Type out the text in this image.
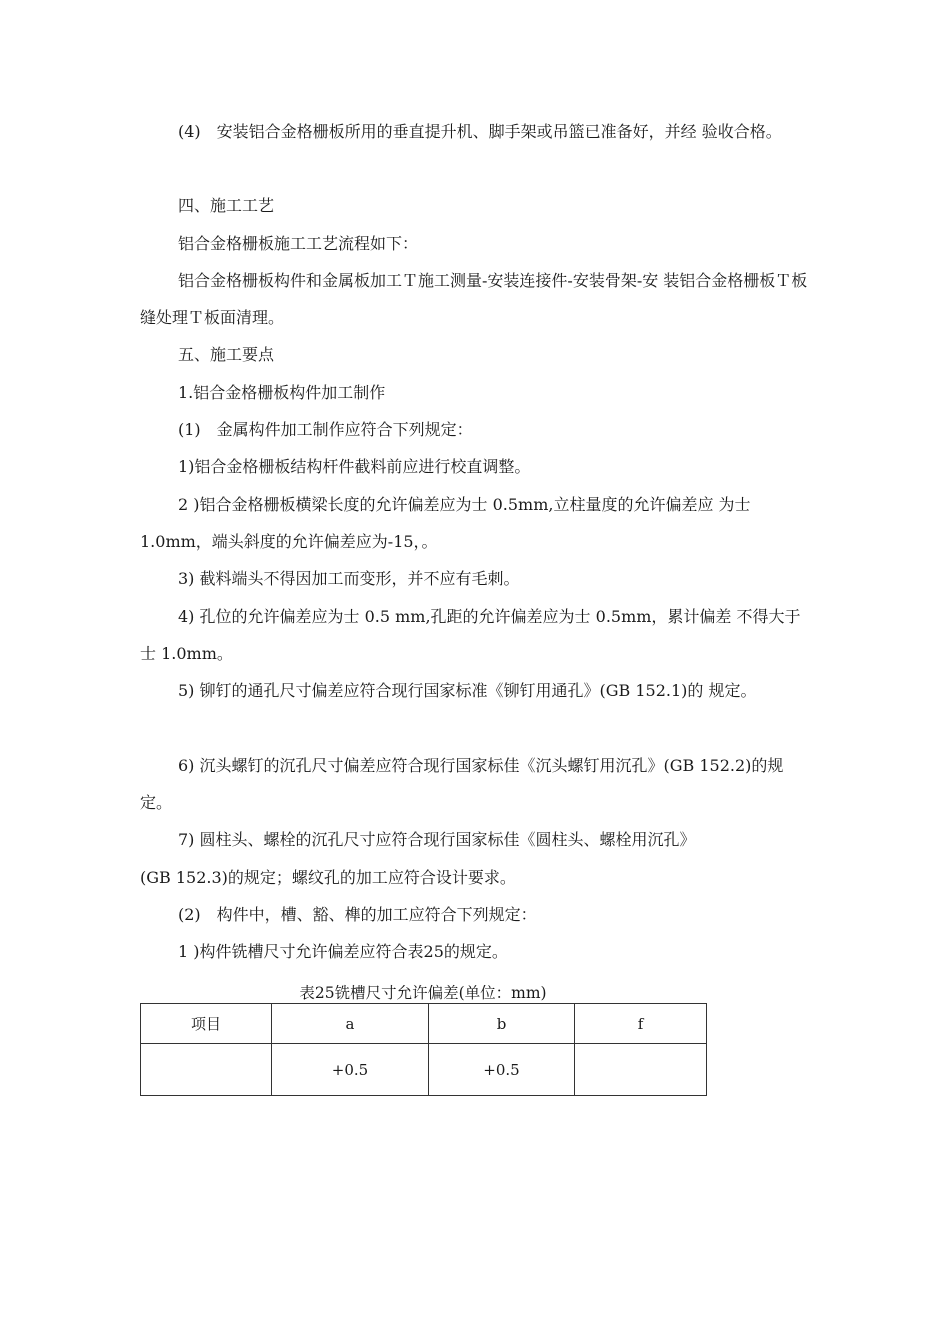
(4)　安装铝合金格栅板所用的垂直提升机、脚手架或吊篮已准备好，并经 验收合格。

四、施工工艺

铝合金格栅板施工工艺流程如下：

铝合金格栅板构件和金属板加工Ｔ施工测量-安装连接件-安装骨架-安 装铝合金格栅板Ｔ板缝处理Ｔ板面清理。

五、施工要点

1.铝合金格栅板构件加工制作

(1)　金属构件加工制作应符合下列规定：

1)铝合金格栅板结构杆件截料前应进行校直调整。

2 )铝合金格栅板横梁长度的允许偏差应为士 0.5mm,立柱量度的允许偏差应 为士 1.0mm，端头斜度的允许偏差应为-15，。

3) 截料端头不得因加工而变形，并不应有毛刺。

4) 孔位的允许偏差应为士 0.5 mm,孔距的允许偏差应为士 0.5mm，累计偏差 不得大于士 1.0mm。

5) 铆钉的通孔尺寸偏差应符合现行国家标准《铆钉用通孔》(GB 152.1)的 规定。

6) 沉头螺钉的沉孔尺寸偏差应符合现行国家标佳《沉头螺钉用沉孔》(GB 152.2)的规定。

7) 圆柱头、螺栓的沉孔尺寸应符合现行国家标佳《圆柱头、螺栓用沉孔》

(GB 152.3)的规定；螺纹孔的加工应符合设计要求。

(2)　构件中，槽、豁、榫的加工应符合下列规定：

1 )构件铣槽尺寸允许偏差应符合表25的规定。

表25铣槽尺寸允许偏差(单位：mm)
项目	a	b	f
	+0.5	+0.5	
